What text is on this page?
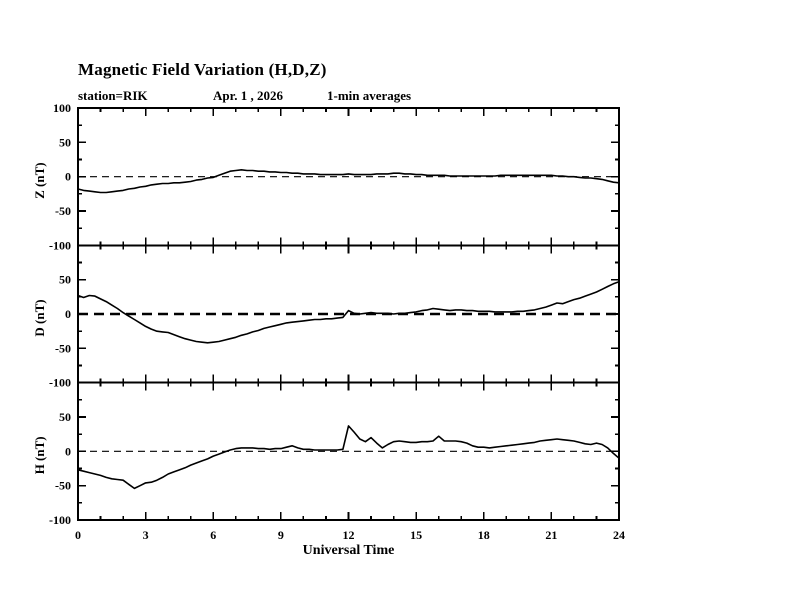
Magnetic Field Variation (H,D,Z)
station=RIK	Apr. 1 , 2026	1-min averages
-100
-50
0
50
100
Z (nT)
-100
-50
0
50
D (nT)
-100
-50
0
50
H (nT)
0	3	6	9	12	15	18	21	24
Universal Time
